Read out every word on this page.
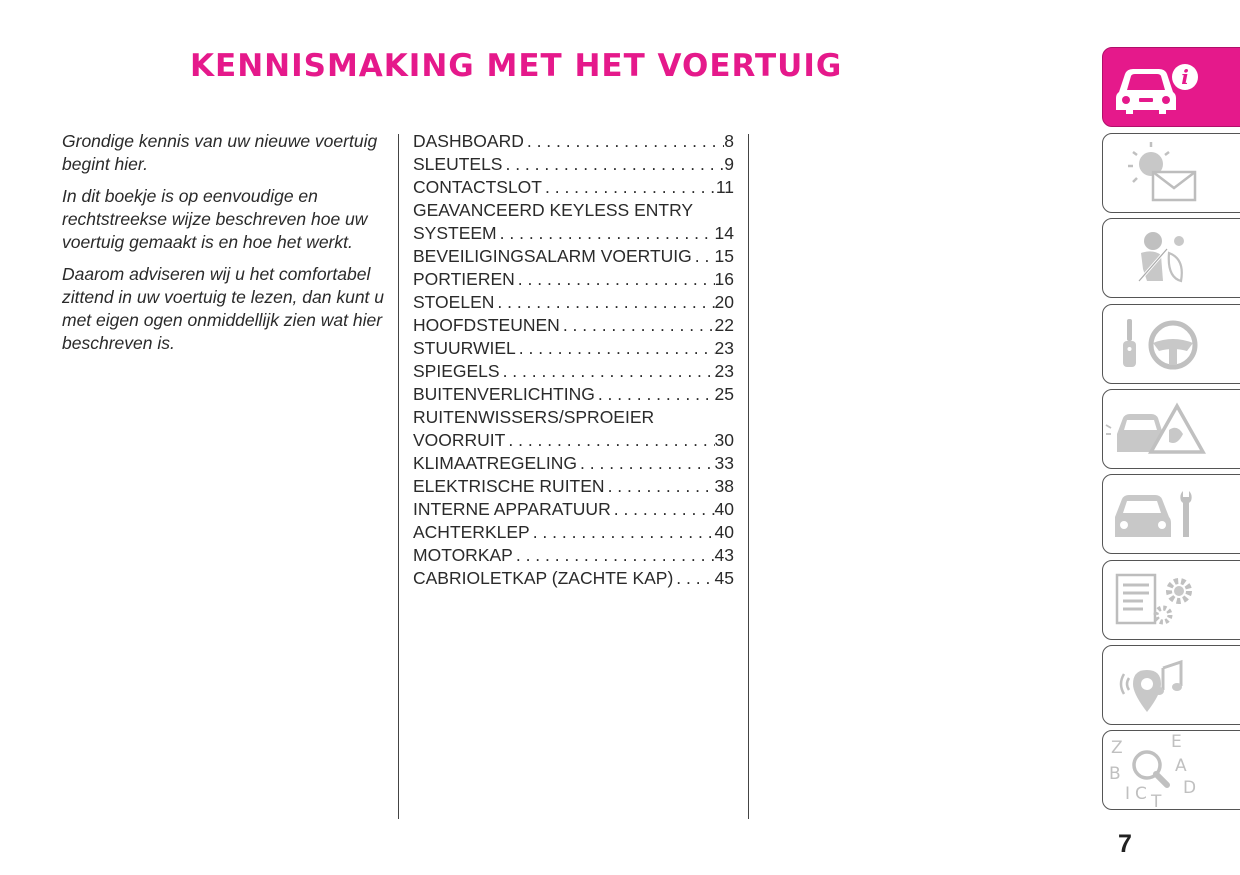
KENNISMAKING MET HET VOERTUIG

Grondige kennis van uw nieuwe voertuig begint hier.

In dit boekje is op eenvoudige en rechtstreekse wijze beschreven hoe uw voertuig gemaakt is en hoe het werkt.

Daarom adviseren wij u het comfortabel zittend in uw voertuig te lezen, dan kunt u met eigen ogen onmiddellijk zien wat hier beschreven is.

DASHBOARD . . .	8
SLEUTELS . . .	9
CONTACTSLOT . . .	11
GEAVANCEERD KEYLESS ENTRY
SYSTEEM . . .	14
BEVEILIGINGSALARM VOERTUIG . . . 15
PORTIEREN . . .	16
STOELEN . . .	20
HOOFDSTEUNEN . . .	22
STUURWIEL . . .	23
SPIEGELS . . .	23
BUITENVERLICHTING . . .	25
RUITENWISSERS/SPROEIER
VOORRUIT . . .	30
KLIMAATREGELING . . .	33
ELEKTRISCHE RUITEN . . .	38
INTERNE APPARATUUR . . .	40
ACHTERKLEP . . .	40
MOTORKAP . . .	43
CABRIOLETKAP (ZACHTE KAP) . . . 45
i
Z	E
B	A
C T
D
I
7
